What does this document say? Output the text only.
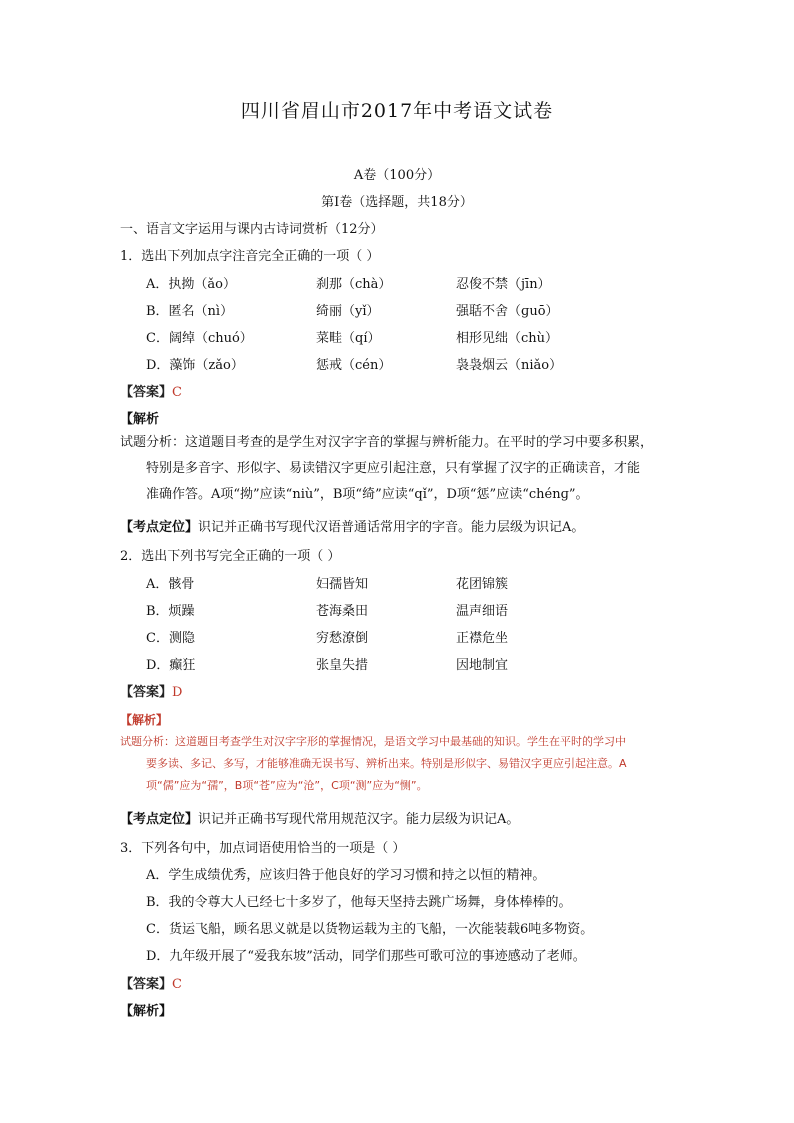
四川省眉山市2017年中考语文试卷
A卷（100分）
第Ⅰ卷（选择题，共18分）
一、语言文字运用与课内古诗词赏析（12分）
1．选出下列加点字注音完全正确的一项（ ）
A．执拗（ǎo）	刹那（chà）	忍俊不禁（jīn）
B．匿名（nì）	绮丽（yǐ）	强聒不舍（ɡuō）
C．阔绰（chuó）	菜畦（qí）	相形见绌（chù）
D．藻饰（zǎo）	惩戒（cén）	袅袅烟云（niǎo）
【答案】C
【解析
试题分析：这道题目考查的是学生对汉字字音的掌握与辨析能力。在平时的学习中要多积累，
特别是多音字、形似字、易读错汉字更应引起注意，只有掌握了汉字的正确读音，才能
准确作答。A项“拗”应读“niù”，B项“绮”应读“qǐ”，D项“惩”应读“chénɡ”。
【考点定位】识记并正确书写现代汉语普通话常用字的字音。能力层级为识记A。
2．选出下列书写完全正确的一项（ ）
A．骸骨	妇孺皆知	花团锦簇
B．烦躁	苍海桑田	温声细语
C．测隐	穷愁潦倒	正襟危坐
D．癫狂	张皇失措	因地制宜
【答案】D
【解析】
试题分析：这道题目考查学生对汉字字形的掌握情况，是语文学习中最基础的知识。学生在平时的学习中
要多读、多记、多写，才能够准确无误书写、辨析出来。特别是形似字、易错汉字更应引起注意。A
项“儒”应为“孺”，B项“苍”应为“沧”，C项“测”应为“恻”。
【考点定位】识记并正确书写现代常用规范汉字。能力层级为识记A。
3．下列各句中，加点词语使用恰当的一项是（ ）
A．学生成绩优秀，应该归咎于他良好的学习习惯和持之以恒的精神。
B．我的令尊大人已经七十多岁了，他每天坚持去跳广场舞，身体棒棒的。
C．货运飞船，顾名思义就是以货物运载为主的飞船，一次能装载6吨多物资。
D．九年级开展了“爱我东坡”活动，同学们那些可歌可泣的事迹感动了老师。
【答案】C
【解析】
